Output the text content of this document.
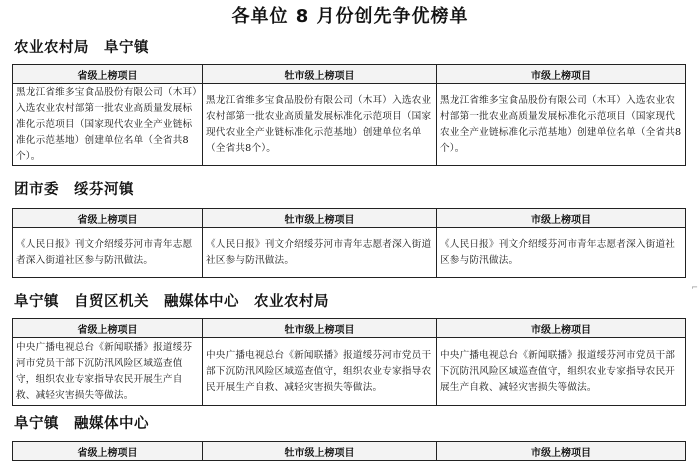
各单位 8 月份创先争优榜单
农业农村局　阜宁镇
省级上榜项目	牡市级上榜项目	市级上榜项目
黑龙江省维多宝食品股份有限公司（木耳）入选农业农村部第一批农业高质量发展标准化示范项目（国家现代农业全产业链标准化示范基地）创建单位名单（全省共8个）。	黑龙江省维多宝食品股份有限公司（木耳）入选农业农村部第一批农业高质量发展标准化示范项目（国家现代农业全产业链标准化示范基地）创建单位名单（全省共8个）。	黑龙江省维多宝食品股份有限公司（木耳）入选农业农村部第一批农业高质量发展标准化示范项目（国家现代农业全产业链标准化示范基地）创建单位名单（全省共8个）。
团市委　绥芬河镇
省级上榜项目	牡市级上榜项目	市级上榜项目
《人民日报》刊文介绍绥芬河市青年志愿者深入街道社区参与防汛做法。	《人民日报》刊文介绍绥芬河市青年志愿者深入街道社区参与防汛做法。	《人民日报》刊文介绍绥芬河市青年志愿者深入街道社区参与防汛做法。
阜宁镇　自贸区机关　融媒体中心　农业农村局
省级上榜项目	牡市级上榜项目	市级上榜项目
中央广播电视总台《新闻联播》报道绥芬河市党员干部下沉防汛风险区域巡查值守，组织农业专家指导农民开展生产自救、减轻灾害损失等做法。	中央广播电视总台《新闻联播》报道绥芬河市党员干部下沉防汛风险区域巡查值守，组织农业专家指导农民开展生产自救、减轻灾害损失等做法。	中央广播电视总台《新闻联播》报道绥芬河市党员干部下沉防汛风险区域巡查值守，组织农业专家指导农民开展生产自救、减轻灾害损失等做法。
阜宁镇　融媒体中心
省级上榜项目	牡市级上榜项目	市级上榜项目
⌐
